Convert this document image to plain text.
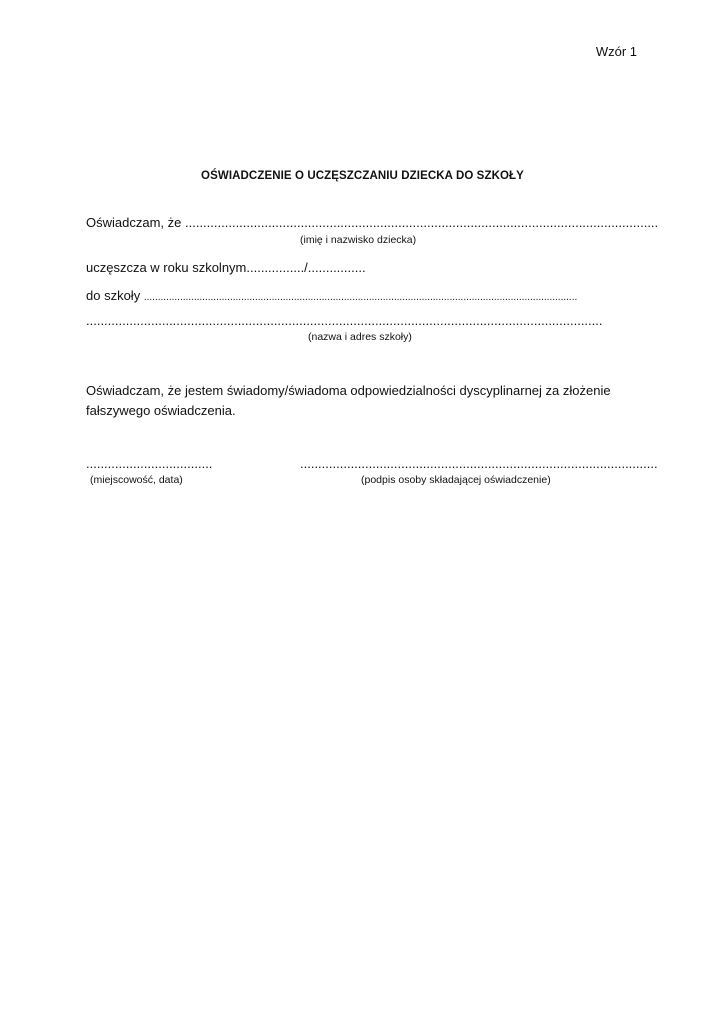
Wzór 1
OŚWIADCZENIE O UCZĘSZCZANIU DZIECKA DO SZKOŁY
Oświadczam, że ...................................................................................................................................
(imię i nazwisko dziecka)
uczęszcza w roku szkolnym................/................
do szkoły ............................................................................................................................................................
...............................................................................................................................................
(nazwa i adres szkoły)
Oświadczam, że jestem świadomy/świadoma odpowiedzialności dyscyplinarnej za złożenie fałszywego oświadczenia.
...................................	...................................................................................................
(miejscowość, data)	(podpis osoby składającej oświadczenie)
